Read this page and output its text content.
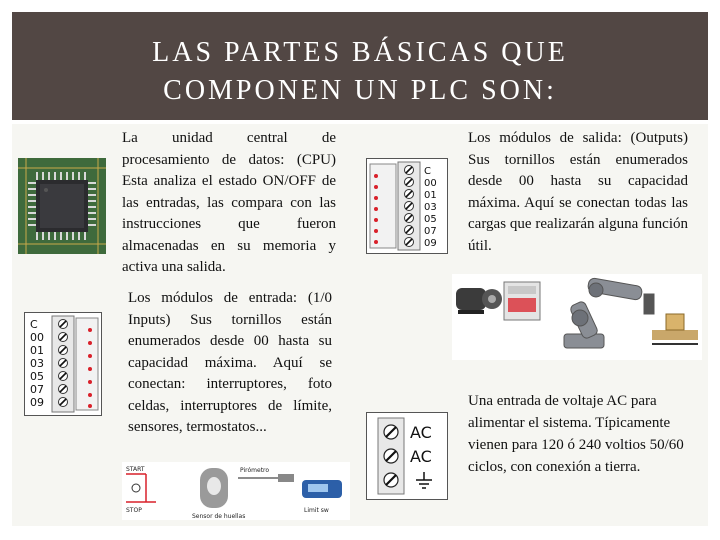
LAS PARTES BÁSICAS QUE
COMPONEN UN PLC SON:
La unidad central de procesamiento de datos: (CPU) Esta analiza el estado ON/OFF de las entradas, las compara con las instrucciones que fueron almacenadas en su memoria y activa una salida.
C
00
01
03
05
07
09
Los módulos de salida: (Outputs) Sus tornillos están enumerados desde 00 hasta su capacidad máxima. Aquí se conectan todas las cargas que realizarán alguna función útil.
C
00
01
03
05
07
09
Los módulos de entrada: (1/0 Inputs) Sus tornillos están enumerados desde 00 hasta su capacidad máxima. Aquí se conectan: interruptores, foto celdas, interruptores de límite, sensores, termostatos...
START
STOP
Sensor de huellas
Pirómetro
Limit sw
AC
AC
Una entrada de voltaje AC para alimentar el sistema. Típicamente vienen para 120 ó 240 voltios 50/60 ciclos, con conexión a tierra.
